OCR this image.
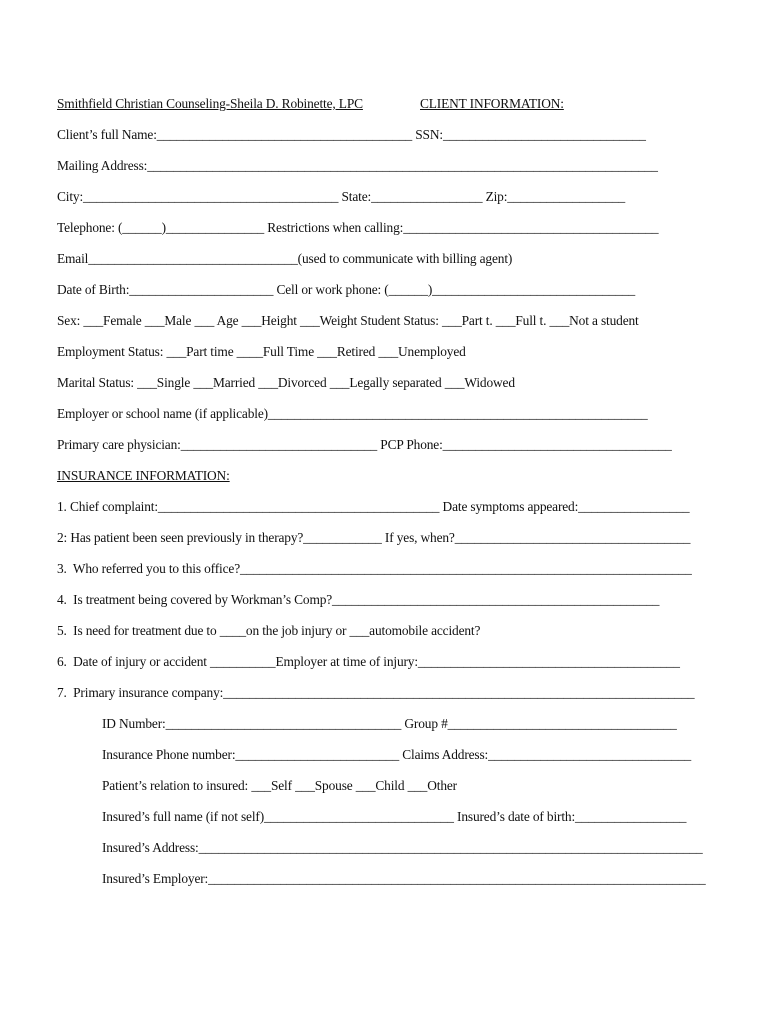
Smithfield Christian Counseling-Sheila D. Robinette, LPC	CLIENT INFORMATION:
Client’s full Name:_______________________________________ SSN:_______________________________
Mailing Address:______________________________________________________________________________
City:_______________________________________ State:_________________ Zip:__________________
Telephone: (______)_______________ Restrictions when calling:_______________________________________
Email________________________________(used to communicate with billing agent)
Date of Birth:______________________ Cell or work phone: (______)_______________________________
Sex: ___Female ___Male ___ Age ___Height ___Weight Student Status: ___Part t. ___Full t. ___Not a student
Employment Status: ___Part time ____Full Time ___Retired ___Unemployed
Marital Status: ___Single ___Married ___Divorced ___Legally separated ___Widowed
Employer or school name (if applicable)__________________________________________________________
Primary care physician:______________________________ PCP Phone:___________________________________
INSURANCE INFORMATION:
1. Chief complaint:___________________________________________ Date symptoms appeared:_________________
2: Has patient been seen previously in therapy?____________ If yes, when?____________________________________
3.  Who referred you to this office?_____________________________________________________________________
4.  Is treatment being covered by Workman’s Comp?__________________________________________________
5.  Is need for treatment due to ____on the job injury or ___automobile accident?
6.  Date of injury or accident __________Employer at time of injury:________________________________________
7.  Primary insurance company:________________________________________________________________________
ID Number:____________________________________ Group #___________________________________
Insurance Phone number:_________________________ Claims Address:_______________________________
Patient’s relation to insured: ___Self ___Spouse ___Child ___Other
Insured’s full name (if not self)_____________________________ Insured’s date of birth:_________________
Insured’s Address:_____________________________________________________________________________
Insured’s Employer:____________________________________________________________________________
